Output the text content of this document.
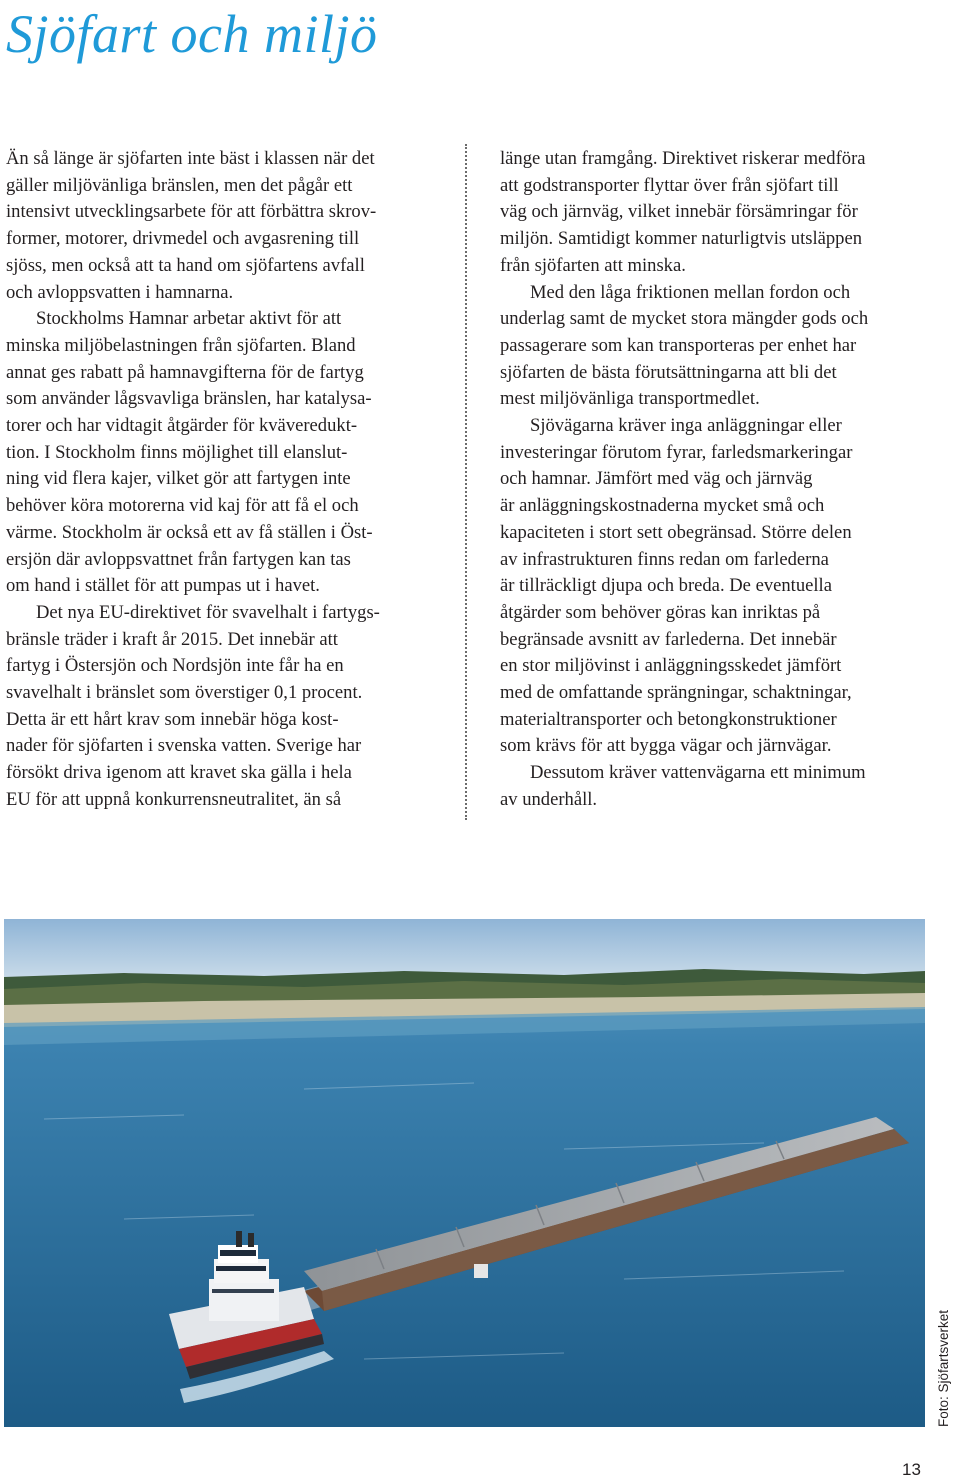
Sjöfart och miljö

Än så länge är sjöfarten inte bäst i klassen när det

gäller miljövänliga bränslen, men det pågår ett

intensivt utvecklingsarbete för att förbättra skrov-

former, motorer, drivmedel och avgasrening till

sjöss, men också att ta hand om sjöfartens avfall

och avloppsvatten i hamnarna.

Stockholms Hamnar arbetar aktivt för att

minska miljöbelastningen från sjöfarten. Bland

annat ges rabatt på hamnavgifterna för de fartyg

som använder lågsvavliga bränslen, har katalysa-

torer och har vidtagit åtgärder för kväveredukt-

tion. I Stockholm finns möjlighet till elanslut-

ning vid flera kajer, vilket gör att fartygen inte

behöver köra motorerna vid kaj för att få el och

värme. Stockholm är också ett av få ställen i Öst-

ersjön där avloppsvattnet från fartygen kan tas

om hand i stället för att pumpas ut i havet.

Det nya EU-direktivet för svavelhalt i fartygs-

bränsle träder i kraft år 2015. Det innebär att

fartyg i Östersjön och Nordsjön inte får ha en

svavelhalt i bränslet som överstiger 0,1 procent.

Detta är ett hårt krav som innebär höga kost-

nader för sjöfarten i svenska vatten. Sverige har

försökt driva igenom att kravet ska gälla i hela

EU för att uppnå konkurrensneutralitet, än så

länge utan framgång. Direktivet riskerar medföra

att godstransporter flyttar över från sjöfart till

väg och järnväg, vilket innebär försämringar för

miljön. Samtidigt kommer naturligtvis utsläppen

från sjöfarten att minska.

Med den låga friktionen mellan fordon och

underlag samt de mycket stora mängder gods och

passagerare som kan transporteras per enhet har

sjöfarten de bästa förutsättningarna att bli det

mest miljövänliga transportmedlet.

Sjövägarna kräver inga anläggningar eller

investeringar förutom fyrar, farledsmarkeringar

och hamnar. Jämfört med väg och järnväg

är anläggningskostnaderna mycket små och

kapaciteten i stort sett obegränsad. Större delen

av infrastrukturen finns redan om farlederna

är tillräckligt djupa och breda. De eventuella

åtgärder som behöver göras kan inriktas på

begränsade avsnitt av farlederna. Det innebär

en stor miljövinst i anläggningsskedet jämfört

med de omfattande sprängningar, schaktningar,

materialtransporter och betongkonstruktioner

som krävs för att bygga vägar och järnvägar.

Dessutom kräver vattenvägarna ett minimum

av underhåll.

Foto: Sjöfartsverket
13
